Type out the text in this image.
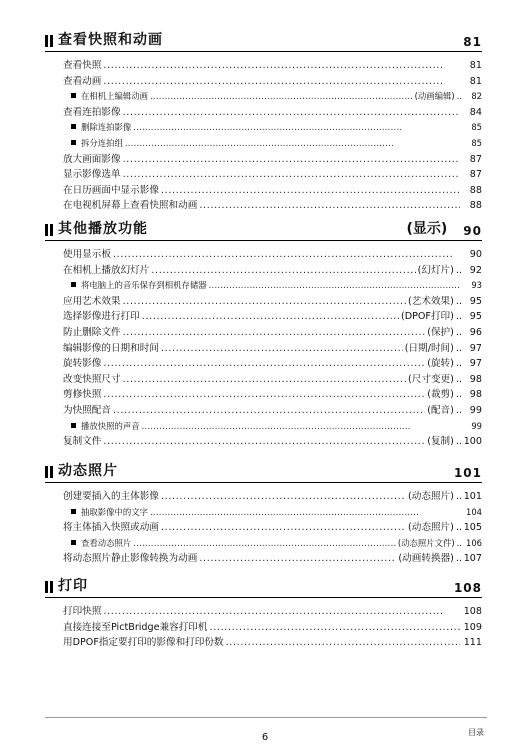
查看快照和动画	81
查看快照 . . .	81
查看动画 . . .	81
在相机上编辑动画 . . .	(动画编辑) ..	82
查看连拍影像 . . .	84
删除连拍影像 . . .	85
拆分连拍组 . . .	85
放大画面影像 . . .	87
显示影像选单 . . .	87
在日历画面中显示影像 . . .	88
在电视机屏幕上查看快照和动画 . . .	88
其他播放功能	(显示) 90
使用显示板 . . .	90
在相机上播放幻灯片 . . .	(幻灯片) .. 92
将电脑上的音乐保存到相机存储器 . . .	93
应用艺术效果 . . .	(艺术效果) .. 95
选择影像进行打印 . . .	(DPOF打印) .. 95
防止删除文件 . . .	(保护) .. 96
编辑影像的日期和时间 . . .	(日期/时间) .. 97
旋转影像 . . .	(旋转) .. 97
改变快照尺寸 . . .	(尺寸变更) .. 98
剪修快照 . . .	(裁剪) .. 98
为快照配音 . . .	(配音) .. 99
播放快照的声音 . . .	99
复制文件 . . .	(复制) .. 100
动态照片	101
创建要插入的主体影像 . . .	(动态照片) .. 101
抽取影像中的文字 . . .	104
将主体插入快照或动画 . . .	(动态照片) .. 105
查看动态照片 . . .	(动态照片文件) .. 106
将动态照片静止影像转换为动画 . . .	(动画转换器) .. 107
打印	108
打印快照 . . .	108
直接连接至PictBridge兼容打印机 . . .	109
用DPOF指定要打印的影像和打印份数 . . .	111
6	目录
